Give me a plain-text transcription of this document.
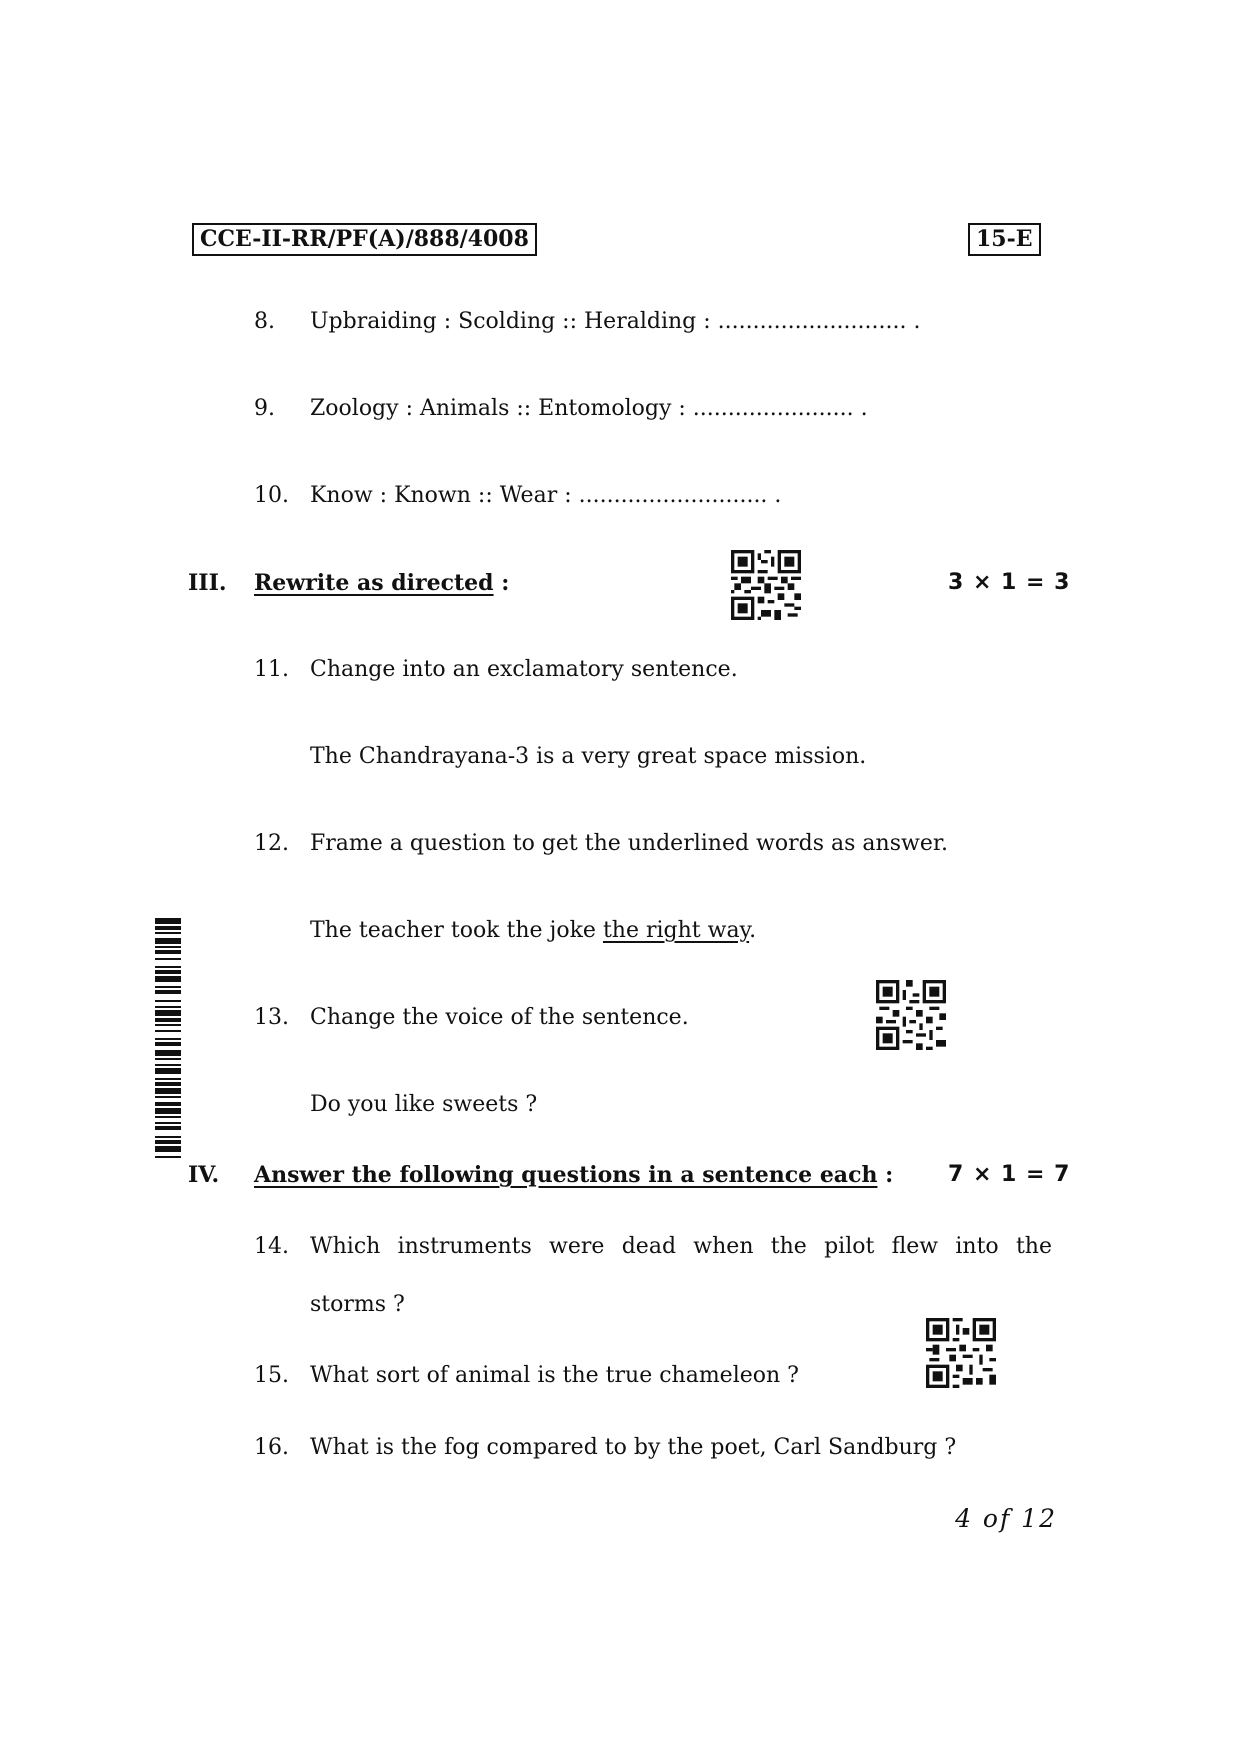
CCE-II-RR/PF(A)/888/4008	15-E
8.	Upbraiding : Scolding :: Heralding : ........................... .
9.	Zoology : Animals :: Entomology : ....................... .
10. Know : Known :: Wear : ........................... .
III. Rewrite as directed :	3 × 1 = 3
11. Change into an exclamatory sentence.
The Chandrayana-3 is a very great space mission.
12. Frame a question to get the underlined words as answer.
The teacher took the joke the right way.
13. Change the voice of the sentence.
Do you like sweets ?
IV. Answer the following questions in a sentence each : 7 × 1 = 7
14. Which instruments were dead when the pilot flew into the
storms ?
15. What sort of animal is the true chameleon ?
16. What is the fog compared to by the poet, Carl Sandburg ?
4 of 12
